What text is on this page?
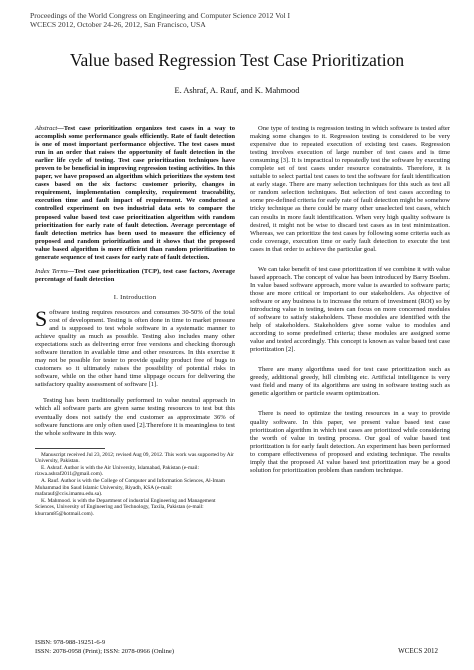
Proceedings of the World Congress on Engineering and Computer Science 2012 Vol I
WCECS 2012, October 24-26, 2012, San Francisco, USA
Value based Regression Test Case Prioritization
E. Ashraf, A. Rauf, and K. Mahmood

Abstract—Test case prioritization organizes test cases in a way to accomplish some performance goals efficiently. Rate of fault detection is one of most important performance objective. The test cases must run in an order that raises the opportunity of fault detection in the earlier life cycle of testing. Test case prioritization techniques have proven to be beneficial in improving regression testing activities. In this paper, we have proposed an algorithm which prioritizes the system test cases based on the six factors: customer priority, changes in requirement, implementation complexity, requirement traceability, execution time and fault impact of requirement. We conducted a controlled experiment on two industrial data sets to compare the proposed value based test case prioritization algorithm with random prioritization for early rate of fault detection. Average percentage of fault detection metrics has been used to measure the efficiency of proposed and random prioritization and it shows that the proposed value based algorithm is more efficient than random prioritization to generate sequence of test cases for early rate of fault detection.

Index Terms—Test case prioritization (TCP), test case factors, Average percentage of fault detection

I. Introduction

Software testing requires resources and consumes 30-50% of the total cost of development. Testing is often done in time to market pressure and is supposed to test whole software in a systematic manner to achieve quality as much as possible. Testing also includes many other expectations such as delivering error free versions and checking thorough software iteration in available time and other resources. In this exercise it may not be possible for tester to provide quality product free of bugs to customers so it ultimately raises the possibility of potential risks in software, while on the other hand time slippage occurs for delivering the satisfactory quality assessment of software [1].

Testing has been traditionally performed in value neutral approach in which all software parts are given same testing resources to test but this eventually does not satisfy the end customer as approximate 36% of software functions are only often used [2].Therefore it is meaningless to test the whole software in this way.

Manuscript received Jul 23, 2012; revised Aug 09, 2012. This work was supported by Air University, Pakistan.

E. Ashraf. Author is with the Air University, Islamabad, Pakistan (e-mail: rizwa.ashraf2011@gmail.com).

A. Rauf. Author is with the College of Computer and Information Sciences, Al-Imam Muhammad ibn Saud Islamic University, Riyadh, KSA (e-mail: mafarauf@ccis.imamu.edu.sa).

K. Mahmood. is with the Department of industrial Engineering and Management Sciences, University of Engineering and Technology, Taxila, Pakistan (e-mail: khurram85@hotmail.com).

One type of testing is regression testing in which software is tested after making some changes to it. Regression testing is considered to be very expensive due to repeated execution of existing test cases. Regression testing involves execution of large number of test cases and is time consuming [3]. It is impractical to repeatedly test the software by executing complete set of test cases under resource constraints. Therefore, it is suitable to select partial test cases to test the software for fault identification at early stage. There are many selection techniques for this such as test all or random selection techniques. But selection of test cases according to some pre-defined criteria for early rate of fault detection might be somehow tricky technique as there could be many other unselected test cases, which can results in more fault identification. When very high quality software is desired, it might not be wise to discard test cases as in test minimization. Whereas, we can prioritize the test cases by following some criteria such as code coverage, execution time or early fault detection to execute the test cases in that order to achieve the particular goal.

We can take benefit of test case prioritization if we combine it with value based approach. The concept of value has been introduced by Barry Boehm. In value based software approach, more value is awarded to software parts; those are more critical or important to our stakeholders. As objective of software or any business is to increase the return of investment (ROI) so by introducing value in testing, testers can focus on more concerned modules of software to satisfy stakeholders. These modules are identified with the help of stakeholders. Stakeholders give some value to modules and according to some predefined criteria; these modules are assigned some value and tested accordingly. This concept is known as value based test case prioritization [2].

There are many algorithms used for test case prioritization such as greedy, additional greedy, hill climbing etc. Artificial intelligence is very vast field and many of its algorithms are using in software testing such as genetic algorithm or particle swarm optimization.

There is need to optimize the testing resources in a way to provide quality software. In this paper, we present value based test case prioritization algorithm in which test cases are prioritized while considering the worth of value in testing process. Our goal of value based test prioritization is for early fault detection. An experiment has been performed to compare effectiveness of proposed and existing technique. The results imply that the proposed AI value based test prioritization may be a good solution for prioritization problem than random technique.

ISBN: 978-988-19251-6-9
ISSN: 2078-0958 (Print); ISSN: 2078-0966 (Online)	WCECS 2012
